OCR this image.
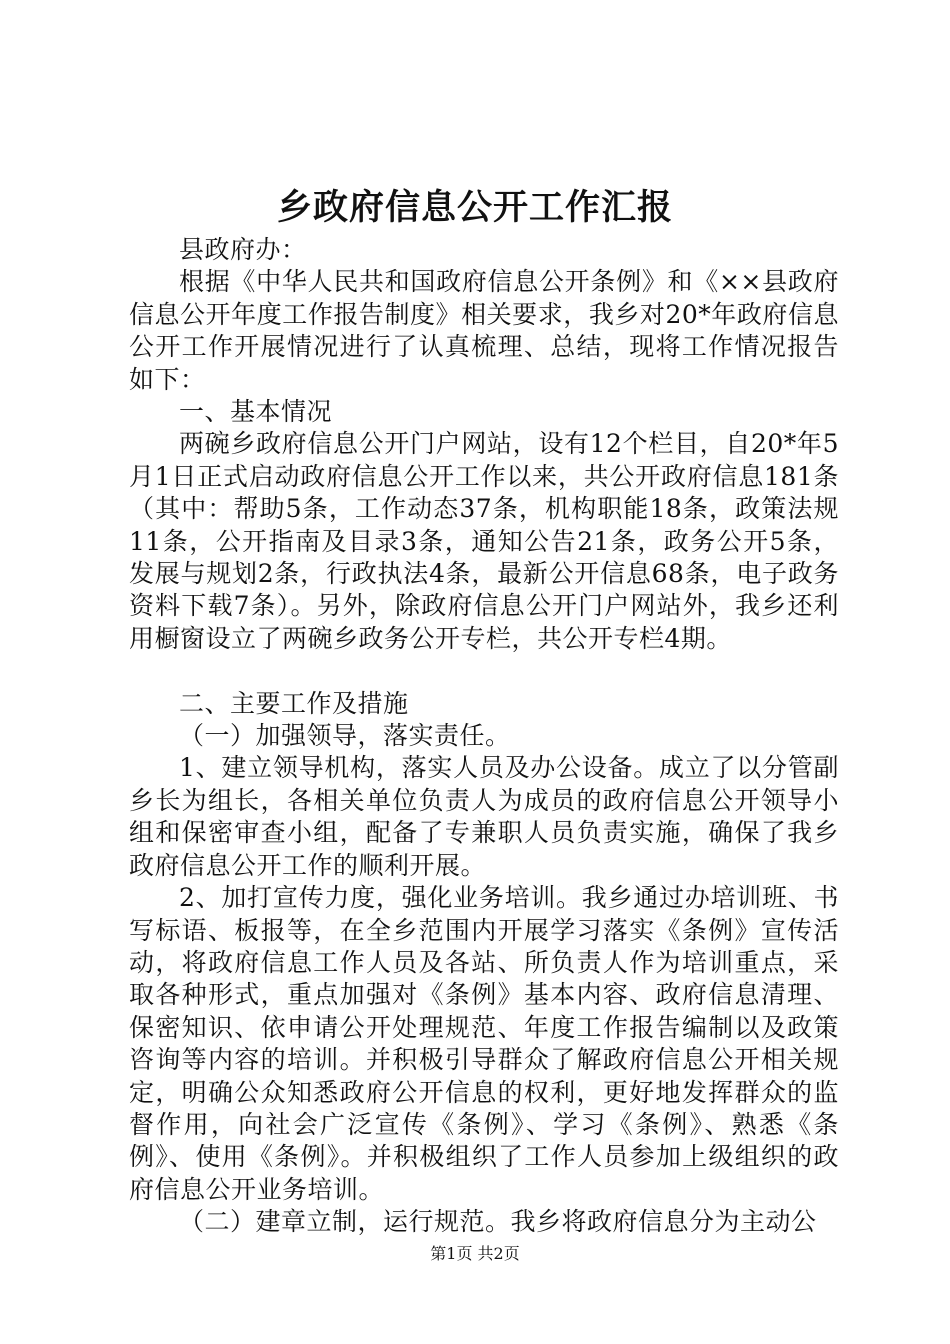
乡政府信息公开工作汇报

县政府办：

根据《中华人民共和国政府信息公开条例》和《××县政府信息公开年度工作报告制度》相关要求，我乡对20*年政府信息公开工作开展情况进行了认真梳理、总结，现将工作情况报告如下：

一、基本情况

两碗乡政府信息公开门户网站，设有12个栏目，自20*年5月1日正式启动政府信息公开工作以来，共公开政府信息181条（其中：帮助5条，工作动态37条，机构职能18条，政策法规11条，公开指南及目录3条，通知公告21条，政务公开5条，发展与规划2条，行政执法4条，最新公开信息68条，电子政务资料下载7条）。另外，除政府信息公开门户网站外，我乡还利用橱窗设立了两碗乡政务公开专栏，共公开专栏4期。

二、主要工作及措施

（一）加强领导，落实责任。

1、建立领导机构，落实人员及办公设备。成立了以分管副乡长为组长，各相关单位负责人为成员的政府信息公开领导小组和保密审查小组，配备了专兼职人员负责实施，确保了我乡政府信息公开工作的顺利开展。

2、加打宣传力度，强化业务培训。我乡通过办培训班、书写标语、板报等，在全乡范围内开展学习落实《条例》宣传活动，将政府信息工作人员及各站、所负责人作为培训重点，采取各种形式，重点加强对《条例》基本内容、政府信息清理、保密知识、依申请公开处理规范、年度工作报告编制以及政策咨询等内容的培训。并积极引导群众了解政府信息公开相关规定，明确公众知悉政府公开信息的权利，更好地发挥群众的监督作用，向社会广泛宣传《条例》、学习《条例》、熟悉《条例》、使用《条例》。并积极组织了工作人员参加上级组织的政府信息公开业务培训。

（二）建章立制，运行规范。我乡将政府信息分为主动公

第1页 共2页
